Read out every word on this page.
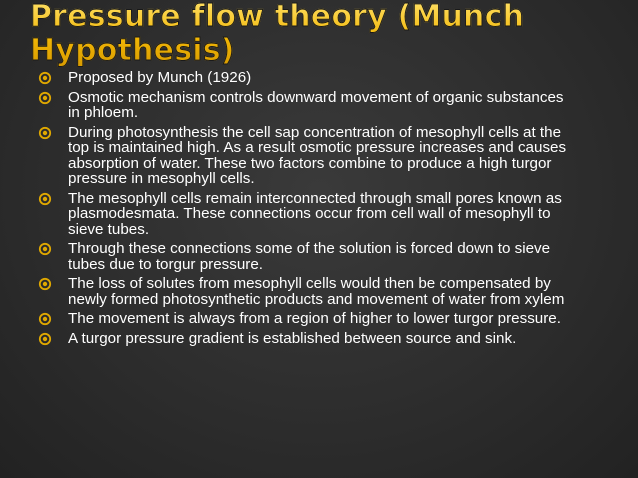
Pressure flow theory (Munch
Hypothesis)
Proposed by Munch (1926)
Osmotic mechanism controls downward movement of organic substances in phloem.
During photosynthesis the cell sap concentration of mesophyll cells at the top is maintained high. As a result osmotic pressure increases and causes absorption of water. These two factors combine to produce a high turgor pressure in mesophyll cells.
The mesophyll cells remain interconnected through small pores known as plasmodesmata. These connections occur from cell wall of mesophyll to sieve tubes.
Through these connections some of the solution is forced down to sieve tubes due to torgur pressure.
The loss of solutes from mesophyll cells would then be compensated by newly formed photosynthetic products and movement of water from xylem
The movement is always from a region of higher to lower turgor pressure.
A turgor pressure gradient is established between source and sink.
